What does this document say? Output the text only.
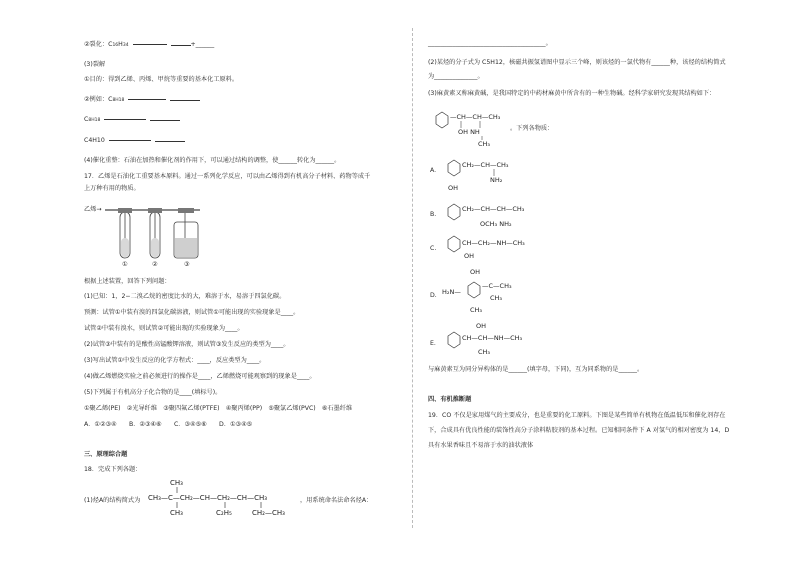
②裂化：C16H34	+______
(3)裂解
①目的：得到乙烯、丙烯、甲烷等重要的基本化工原料。
②例如：C8H18
C8H18
C4H10
(4)催化重整：石油在加热和催化剂的作用下，可以通过结构的调整，使______转化为______。
17．乙烯是石油化工重要基本原料。通过一系列化学反应，可以由乙烯得到有机高分子材料、药物等成千
上万种有用的物质。
乙烯→
①	②	③
根据上述装置，回答下列问题：
(1)已知：1，2−二溴乙烷的密度比水的大，难溶于水，易溶于四氯化碳。
预测：试管①中装有溴的四氯化碳溶液，则试管①可能出现的实验现象是____。
试管②中装有溴水，则试管②可能出现的实验现象为____。
(2)试管③中装有的是酸性高锰酸钾溶液，则试管③发生反应的类型为____。
(3)写出试管①中发生反应的化学方程式：____，反应类型为____。
(4)做乙烯燃烧实验之前必须进行的操作是____，乙烯燃烧可能观察到的现象是____。
(5)下列属于有机高分子化合物的是____(填标号)。
①聚乙烯(PE)　②光导纤维　③聚四氟乙烯(PTFE)　④聚丙烯(PP)　⑤聚氯乙烯(PVC)　⑥石墨纤维
A．①②③④　　B．②③④⑥　　C．③④⑤⑥　　D．①③④⑤
三、原理综合题
18．完成下列各题：
(1)烃A的结构简式为
CH₃
CH₃—C—CH₂—CH—CH₂—CH—CH₃
CH₃	C₂H₅	CH₂—CH₃
，用系统命名法命名烃A：
______________________________________。
(2)某烃的分子式为 C5H12，核磁共振氢谱图中显示三个峰，则该烃的一氯代物有______种，该烃的结构简式
为______________。
(3)麻黄素又称麻黄碱，是我国特定的中药材麻黄中所含有的一种生物碱。经科学家研究发现其结构如下：
—CH—CH—CH₃
OH NH
CH₃
。下列各物质：
A.
CH₂—CH—CH₃
NH₂
OH
B.
CH₂—CH—CH—CH₃
OCH₃ NH₂
C.
CH—CH₂—NH—CH₃
OH
D.
OH
H₂N—
—C—CH₃
CH₃
CH₃
E.
OH
CH—CH—NH—CH₃
CH₃
与麻黄素互为同分异构体的是______(填字母，下同)，互为同系物的是______。
四、有机推断题
19．CO 不仅是家用煤气的主要成分，也是重要的化工原料。下图是某些简单有机物在低温低压和催化剂存在
下，合成具有优良性能的装饰性高分子涂料粘胶剂的基本过程。已知相同条件下 A 对氢气的相对密度为 14，D
具有水果香味且不易溶于水的油状液体
